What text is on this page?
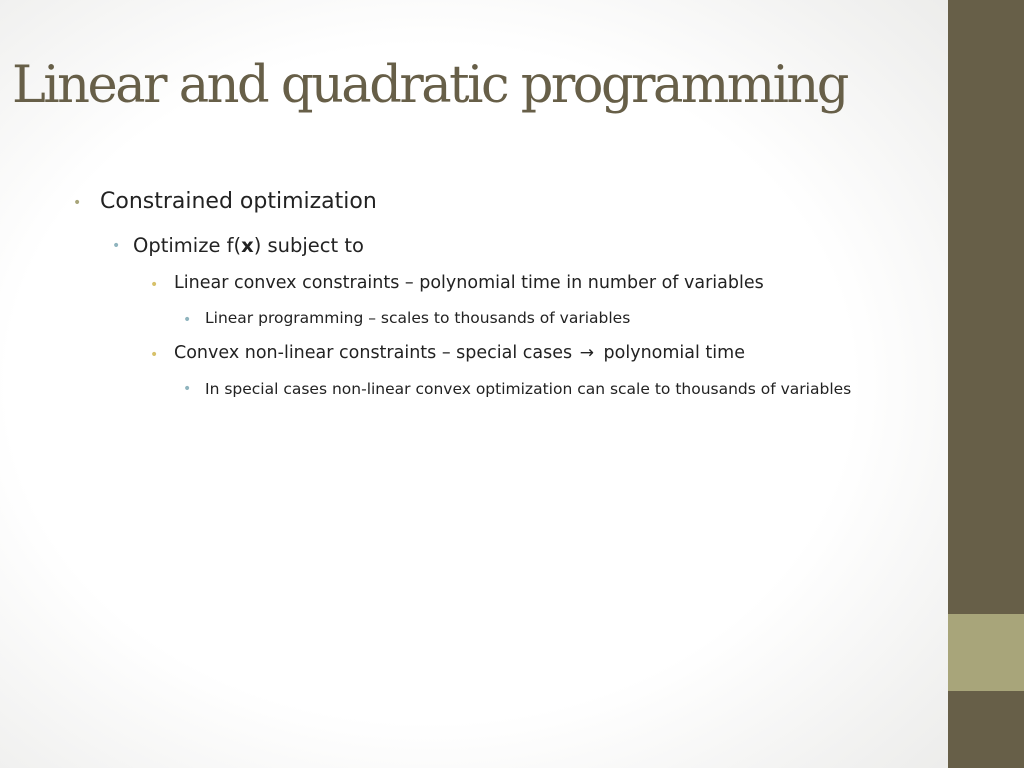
Linear and quadratic programming
• Constrained optimization
• Optimize f(x) subject to
• Linear convex constraints – polynomial time in number of variables
• Linear programming – scales to thousands of variables
• Convex non-linear constraints – special cases → polynomial time
• In special cases non-linear convex optimization can scale to thousands of variables
